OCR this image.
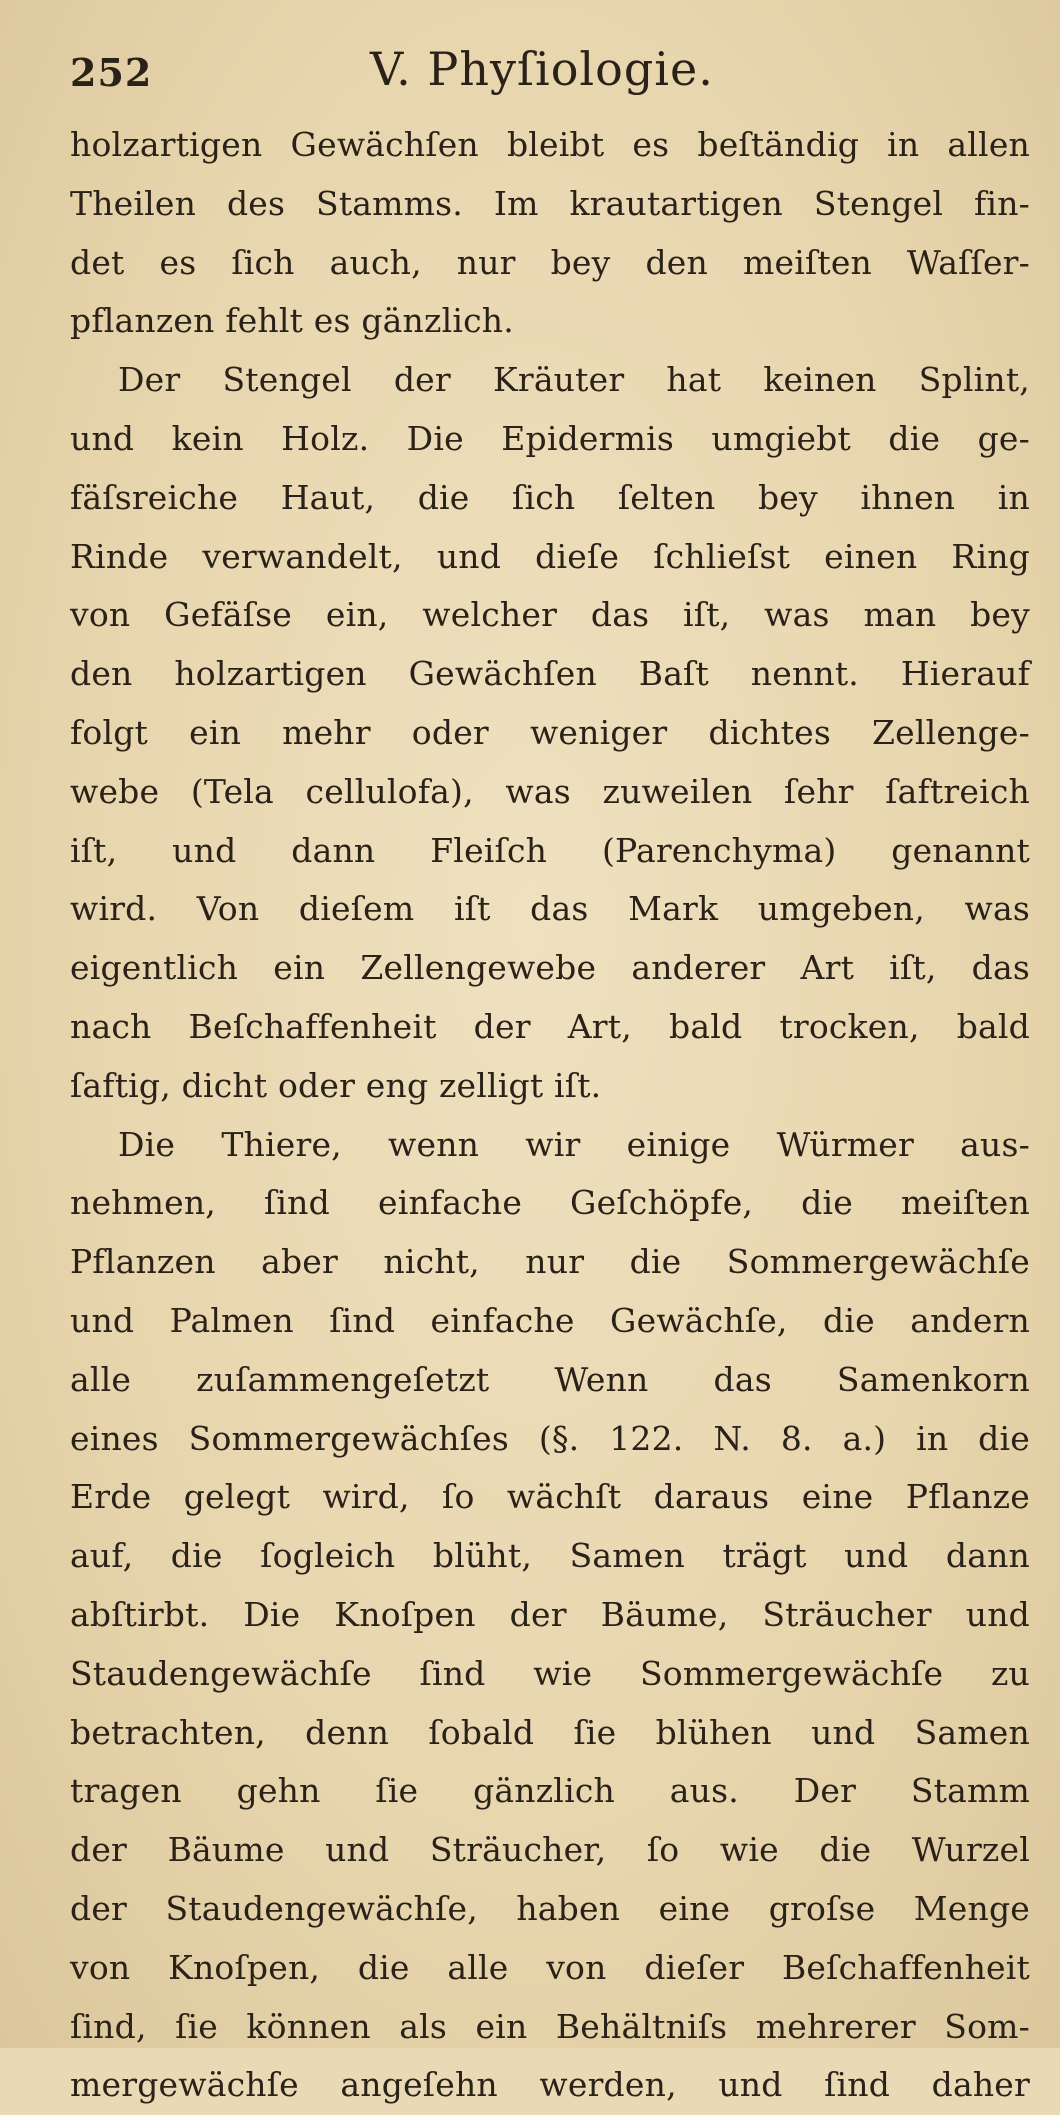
252	V. Phyſiologie.
holzartigen Gewächſen bleibt es beſtändig in allen
Theilen des Stamms. Im krautartigen Stengel fin-
det es ſich auch, nur bey den meiſten Waſſer-
pflanzen fehlt es gänzlich.
Der Stengel der Kräuter hat keinen Splint,
und kein Holz. Die Epidermis umgiebt die ge-
fäſsreiche Haut, die ſich ſelten bey ihnen in
Rinde verwandelt, und dieſe ſchlieſst einen Ring
von Gefäſse ein, welcher das iſt, was man bey
den holzartigen Gewächſen Baſt nennt. Hierauf
folgt ein mehr oder weniger dichtes Zellenge-
webe (Tela cellulofa), was zuweilen ſehr ſaftreich
iſt, und dann Fleiſch (Parenchyma) genannt
wird. Von dieſem iſt das Mark umgeben, was
eigentlich ein Zellengewebe anderer Art iſt, das
nach Beſchaffenheit der Art, bald trocken, bald
ſaftig, dicht oder eng zelligt iſt.
Die Thiere, wenn wir einige Würmer aus-
nehmen, ſind einfache Geſchöpfe, die meiſten
Pflanzen aber nicht, nur die Sommergewächſe
und Palmen ſind einfache Gewächſe, die andern
alle zuſammengeſetzt Wenn das Samenkorn
eines Sommergewächſes (§. 122. N. 8. a.) in die
Erde gelegt wird, ſo wächſt daraus eine Pflanze
auf, die ſogleich blüht, Samen trägt und dann
abſtirbt. Die Knoſpen der Bäume, Sträucher und
Staudengewächſe ſind wie Sommergewächſe zu
betrachten, denn ſobald ſie blühen und Samen
tragen gehn ſie gänzlich aus. Der Stamm
der Bäume und Sträucher, ſo wie die Wurzel
der Staudengewächſe, haben eine groſse Menge
von Knoſpen, die alle von dieſer Beſchaffenheit
ſind, ſie können als ein Behältniſs mehrerer Som-
mergewächſe angeſehn werden, und ſind daher
